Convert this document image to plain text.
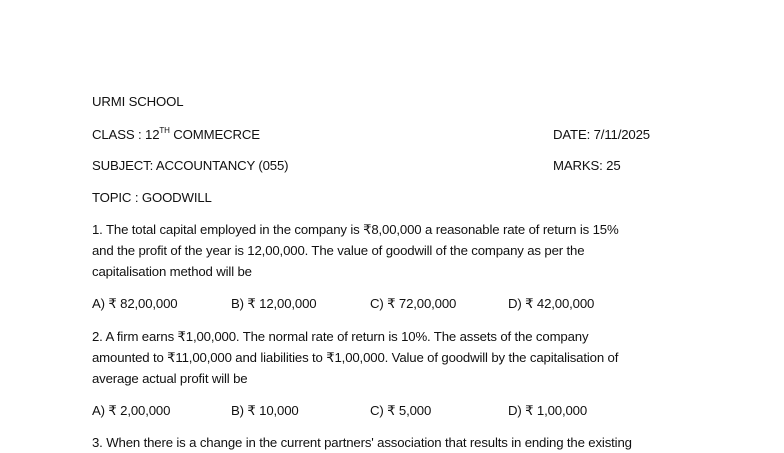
URMI SCHOOL
CLASS : 12TH COMMECRCE	DATE: 7/11/2025
SUBJECT: ACCOUNTANCY (055)	MARKS: 25
TOPIC : GOODWILL
1. The total capital employed in the company is ₹8,00,000 a reasonable rate of return is 15%
and the profit of the year is 12,00,000. The value of goodwill of the company as per the
capitalisation method will be
A) ₹ 82,00,000	B) ₹ 12,00,000	C) ₹ 72,00,000	D) ₹ 42,00,000
2. A firm earns ₹1,00,000. The normal rate of return is 10%. The assets of the company
amounted to ₹11,00,000 and liabilities to ₹1,00,000. Value of goodwill by the capitalisation of
average actual profit will be
A) ₹ 2,00,000	B) ₹ 10,000	C) ₹ 5,000	D) ₹ 1,00,000
3. When there is a change in the current partners' association that results in ending the existing
